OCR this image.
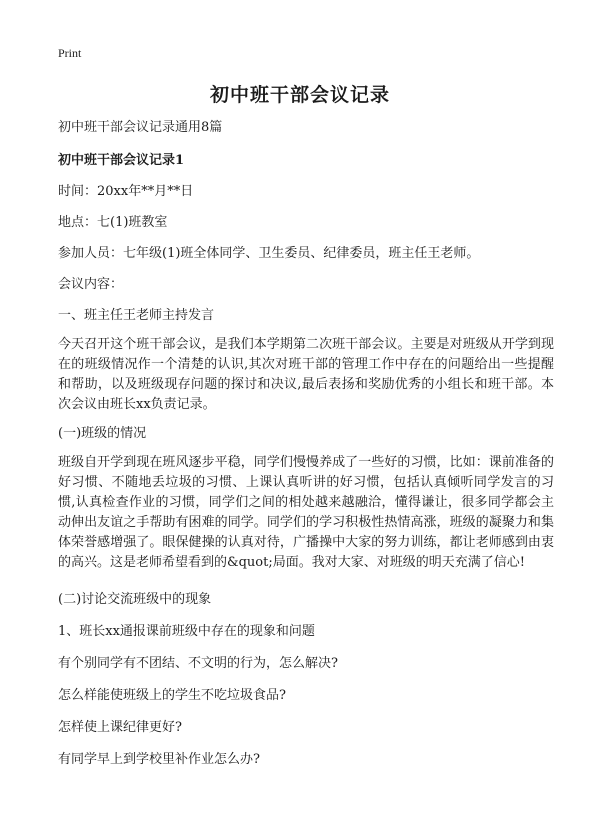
Print
初中班干部会议记录
初中班干部会议记录通用8篇
初中班干部会议记录1
时间：20xx年**月**日
地点：七(1)班教室
参加人员：七年级(1)班全体同学、卫生委员、纪律委员，班主任王老师。
会议内容：
一、班主任王老师主持发言
今天召开这个班干部会议，是我们本学期第二次班干部会议。主要是对班级从开学到现在的班级情况作一个清楚的认识,其次对班干部的管理工作中存在的问题给出一些提醒和帮助，以及班级现存问题的探讨和决议,最后表扬和奖励优秀的小组长和班干部。本次会议由班长xx负责记录。
(一)班级的情况
班级自开学到现在班风逐步平稳，同学们慢慢养成了一些好的习惯，比如：课前准备的好习惯、不随地丢垃圾的习惯、上课认真听讲的好习惯，包括认真倾听同学发言的习惯,认真检查作业的习惯，同学们之间的相处越来越融洽，懂得谦让，很多同学都会主动伸出友谊之手帮助有困难的同学。同学们的学习积极性热情高涨，班级的凝聚力和集体荣誉感增强了。眼保健操的认真对待，广播操中大家的努力训练，都让老师感到由衷的高兴。这是老师希望看到的&quot;局面。我对大家、对班级的明天充满了信心!
(二)讨论交流班级中的现象
1、班长xx通报课前班级中存在的现象和问题
有个别同学有不团结、不文明的行为，怎么解决?
怎么样能使班级上的学生不吃垃圾食品?
怎样使上课纪律更好?
有同学早上到学校里补作业怎么办?
